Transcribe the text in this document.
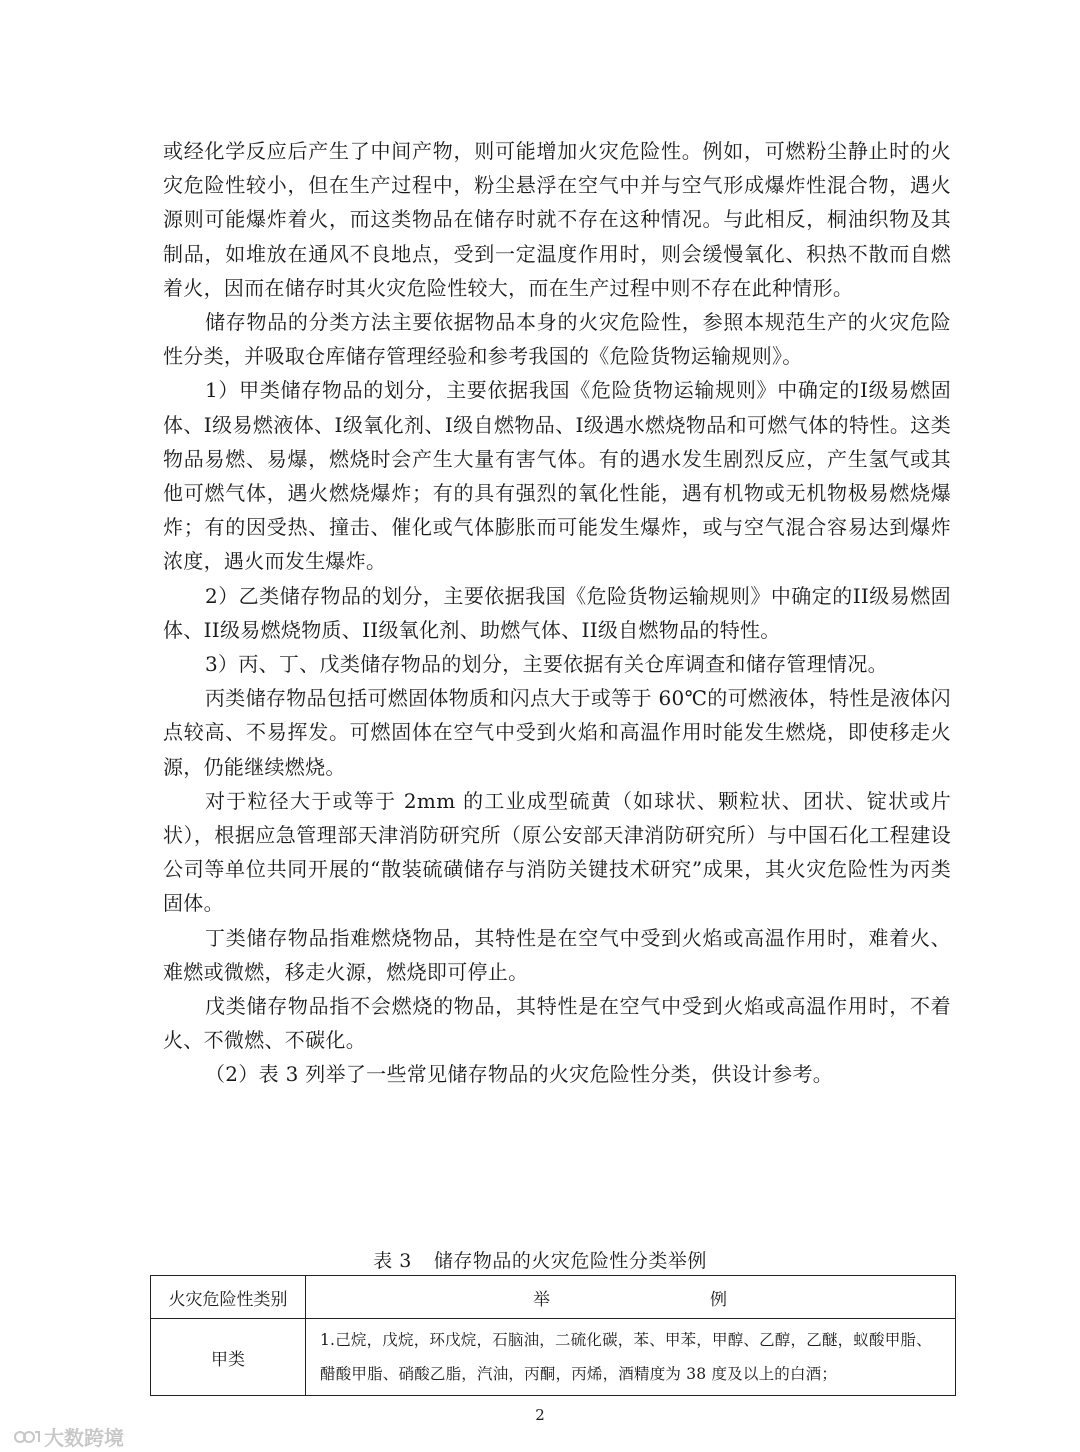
或经化学反应后产生了中间产物，则可能增加火灾危险性。例如，可燃粉尘静止时的火灾危险性较小，但在生产过程中，粉尘悬浮在空气中并与空气形成爆炸性混合物，遇火源则可能爆炸着火，而这类物品在储存时就不存在这种情况。与此相反，桐油织物及其制品，如堆放在通风不良地点，受到一定温度作用时，则会缓慢氧化、积热不散而自燃着火，因而在储存时其火灾危险性较大，而在生产过程中则不存在此种情形。

储存物品的分类方法主要依据物品本身的火灾危险性，参照本规范生产的火灾危险性分类，并吸取仓库储存管理经验和参考我国的《危险货物运输规则》。

1）甲类储存物品的划分，主要依据我国《危险货物运输规则》中确定的I级易燃固体、I级易燃液体、I级氧化剂、I级自燃物品、I级遇水燃烧物品和可燃气体的特性。这类物品易燃、易爆，燃烧时会产生大量有害气体。有的遇水发生剧烈反应，产生氢气或其他可燃气体，遇火燃烧爆炸；有的具有强烈的氧化性能，遇有机物或无机物极易燃烧爆炸；有的因受热、撞击、催化或气体膨胀而可能发生爆炸，或与空气混合容易达到爆炸浓度，遇火而发生爆炸。

2）乙类储存物品的划分，主要依据我国《危险货物运输规则》中确定的II级易燃固体、II级易燃烧物质、II级氧化剂、助燃气体、II级自燃物品的特性。

3）丙、丁、戊类储存物品的划分，主要依据有关仓库调查和储存管理情况。

丙类储存物品包括可燃固体物质和闪点大于或等于 60℃的可燃液体，特性是液体闪点较高、不易挥发。可燃固体在空气中受到火焰和高温作用时能发生燃烧，即使移走火源，仍能继续燃烧。

对于粒径大于或等于 2mm 的工业成型硫黄（如球状、颗粒状、团状、锭状或片状），根据应急管理部天津消防研究所（原公安部天津消防研究所）与中国石化工程建设公司等单位共同开展的“散装硫磺储存与消防关键技术研究”成果，其火灾危险性为丙类固体。

丁类储存物品指难燃烧物品，其特性是在空气中受到火焰或高温作用时，难着火、难燃或微燃，移走火源，燃烧即可停止。

戊类储存物品指不会燃烧的物品，其特性是在空气中受到火焰或高温作用时，不着火、不微燃、不碳化。

（2）表 3 列举了一些常见储存物品的火灾危险性分类，供设计参考。

表 3 储存物品的火灾危险性分类举例
火灾危险性类别	举例
甲类	1.己烷，戊烷，环戊烷，石脑油，二硫化碳，苯、甲苯，甲醇、乙醇，乙醚，蚁酸甲脂、醋酸甲脂、硝酸乙脂，汽油，丙酮，丙烯，酒精度为 38 度及以上的白酒；
2
大数跨境
